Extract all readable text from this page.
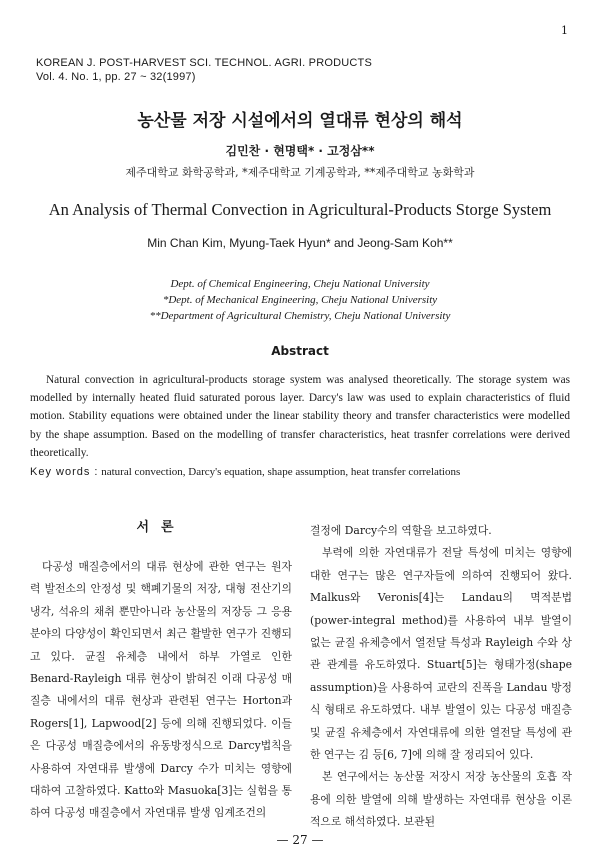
1
KOREAN J. POST-HARVEST SCI. TECHNOL. AGRI. PRODUCTS
Vol. 4. No. 1, pp. 27 ~ 32(1997)
농산물 저장 시설에서의 열대류 현상의 해석
김민찬 · 현명택* · 고정삼**
제주대학교 화학공학과, *제주대학교 기계공학과, **제주대학교 농화학과
An Analysis of Thermal Convection in Agricultural-Products Storge System
Min Chan Kim, Myung-Taek Hyun* and Jeong-Sam Koh**
Dept. of Chemical Engineering, Cheju National University
*Dept. of Mechanical Engineering, Cheju National University
**Department of Agricultural Chemistry, Cheju National University
Abstract

Natural convection in agricultural-products storage system was analysed theoretically. The storage system was modelled by internally heated fluid saturated porous layer. Darcy's law was used to explain characteristics of fluid motion. Stability equations were obtained under the linear stability theory and transfer characteristics were modelled by the shape assumption. Based on the modelling of transfer characteristics, heat trasnfer correlations were derived theoretically.

Key words : natural convection, Darcy's equation, shape assumption, heat transfer correlations
서론

다공성 매질층에서의 대류 현상에 관한 연구는 원자력 발전소의 안정성 및 핵폐기물의 저장, 대형 전산기의 냉각, 석유의 채취 뿐만아니라 농산물의 저장등 그 응용 분야의 다양성이 확인되면서 최근 활발한 연구가 진행되고 있다. 균질 유체층 내에서 하부 가열로 인한 Benard-Rayleigh 대류 현상이 밝혀진 이래 다공성 매질층 내에서의 대류 현상과 관련된 연구는 Horton과 Rogers[1], Lapwood[2] 등에 의해 진행되었다. 이들은 다공성 매질층에서의 유동방정식으로 Darcy법칙을 사용하여 자연대류 발생에 Darcy 수가 미치는 영향에 대하여 고찰하였다. Katto와 Masuoka[3]는 실험을 통하여 다공성 매질층에서 자연대류 발생 임계조건의

결정에 Darcy수의 역할을 보고하였다.

부력에 의한 자연대류가 전달 특성에 미치는 영향에 대한 연구는 많은 연구자들에 의하여 진행되어 왔다. Malkus와 Veronis[4]는 Landau의 멱적분법(power-integral method)를 사용하여 내부 발열이 없는 균질 유체층에서 열전달 특성과 Rayleigh 수와 상관 관계를 유도하였다. Stuart[5]는 형태가정(shape assumption)을 사용하여 교란의 진폭을 Landau 방정식 형태로 유도하였다. 내부 발열이 있는 다공성 매질층 및 균질 유체층에서 자연대류에 의한 열전달 특성에 관한 연구는 김 등[6, 7]에 의해 잘 정리되어 있다.

본 연구에서는 농산물 저장시 저장 농산물의 호흡 작용에 의한 발열에 의해 발생하는 자연대류 현상을 이론적으로 해석하였다. 보관된

— 27 —
